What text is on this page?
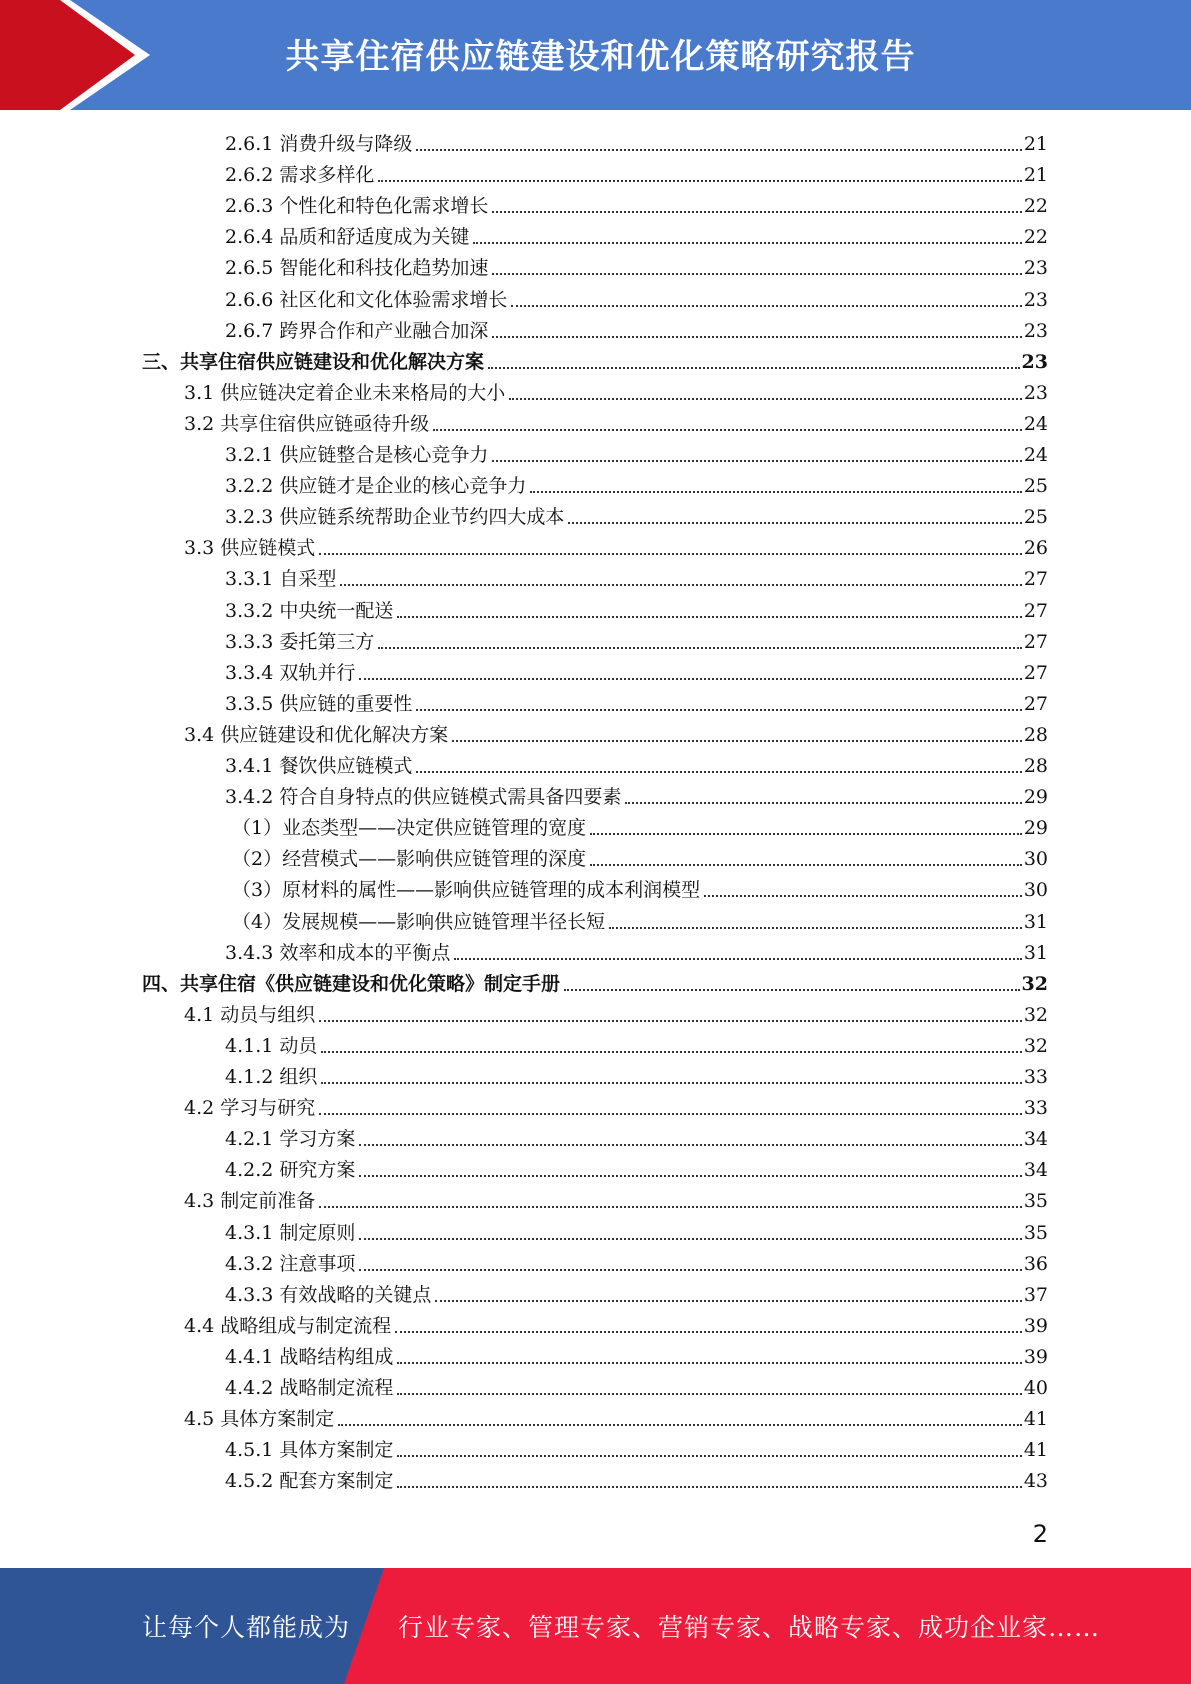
共享住宿供应链建设和优化策略研究报告
2.6.1 消费升级与降级	21
2.6.2 需求多样化	21
2.6.3 个性化和特色化需求增长	22
2.6.4 品质和舒适度成为关键	22
2.6.5 智能化和科技化趋势加速	23
2.6.6 社区化和文化体验需求增长	23
2.6.7 跨界合作和产业融合加深	23
三、共享住宿供应链建设和优化解决方案	23
3.1 供应链决定着企业未来格局的大小	23
3.2 共享住宿供应链亟待升级	24
3.2.1 供应链整合是核心竞争力	24
3.2.2 供应链才是企业的核心竞争力	25
3.2.3 供应链系统帮助企业节约四大成本	25
3.3 供应链模式	26
3.3.1 自采型	27
3.3.2 中央统一配送	27
3.3.3 委托第三方	27
3.3.4 双轨并行	27
3.3.5 供应链的重要性	27
3.4 供应链建设和优化解决方案	28
3.4.1 餐饮供应链模式	28
3.4.2 符合自身特点的供应链模式需具备四要素	29
（1）业态类型——决定供应链管理的宽度	29
（2）经营模式——影响供应链管理的深度	30
（3）原材料的属性——影响供应链管理的成本利润模型	30
（4）发展规模——影响供应链管理半径长短	31
3.4.3 效率和成本的平衡点	31
四、共享住宿《供应链建设和优化策略》制定手册	32
4.1 动员与组织	32
4.1.1 动员	32
4.1.2 组织	33
4.2 学习与研究	33
4.2.1 学习方案	34
4.2.2 研究方案	34
4.3 制定前准备	35
4.3.1 制定原则	35
4.3.2 注意事项	36
4.3.3 有效战略的关键点	37
4.4 战略组成与制定流程	39
4.4.1 战略结构组成	39
4.4.2 战略制定流程	40
4.5 具体方案制定	41
4.5.1 具体方案制定	41
4.5.2 配套方案制定	43
2
让每个人都能成为 行业专家、管理专家、营销专家、战略专家、成功企业家……
